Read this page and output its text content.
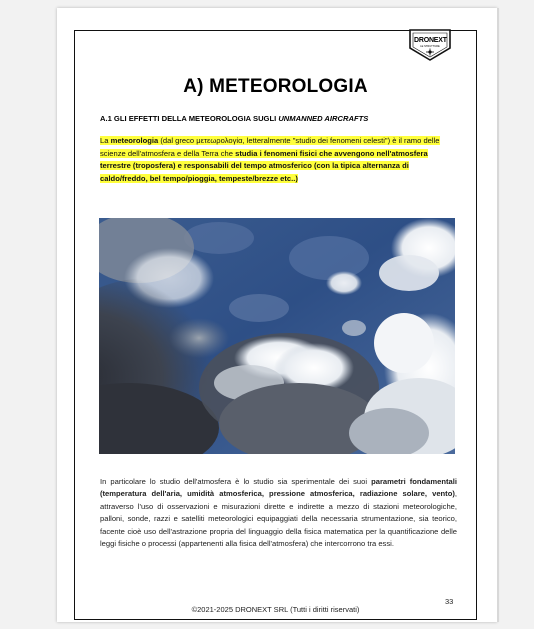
DRONEXT
LE STRUTTURE
A) METEOROLOGIA
A.1 GLI EFFETTI DELLA METEOROLOGIA SUGLI UNMANNED AIRCRAFTS
La meteorologia (dal greco μετεωρολογία, letteralmente "studio dei fenomeni celesti") è il ramo delle scienze dell'atmosfera e della Terra che studia i fenomeni fisici che avvengono nell'atmosfera terrestre (troposfera) e responsabili del tempo atmosferico (con la tipica alternanza di caldo/freddo, bel tempo/pioggia, tempeste/brezze etc..)
In particolare lo studio dell'atmosfera è lo studio sia sperimentale dei suoi parametri fondamentali (temperatura dell'aria, umidità atmosferica, pressione atmosferica, radiazione solare, vento), attraverso l'uso di osservazioni e misurazioni dirette e indirette a mezzo di stazioni meteorologiche, palloni, sonde, razzi e satelliti meteorologici equipaggiati della necessaria strumentazione, sia teorico, facente cioè uso dell'astrazione propria del linguaggio della fisica matematica per la quantificazione delle leggi fisiche o processi (appartenenti alla fisica dell'atmosfera) che intercorrono tra essi.
33
©2021-2025 DRONEXT SRL (Tutti i diritti riservati)
